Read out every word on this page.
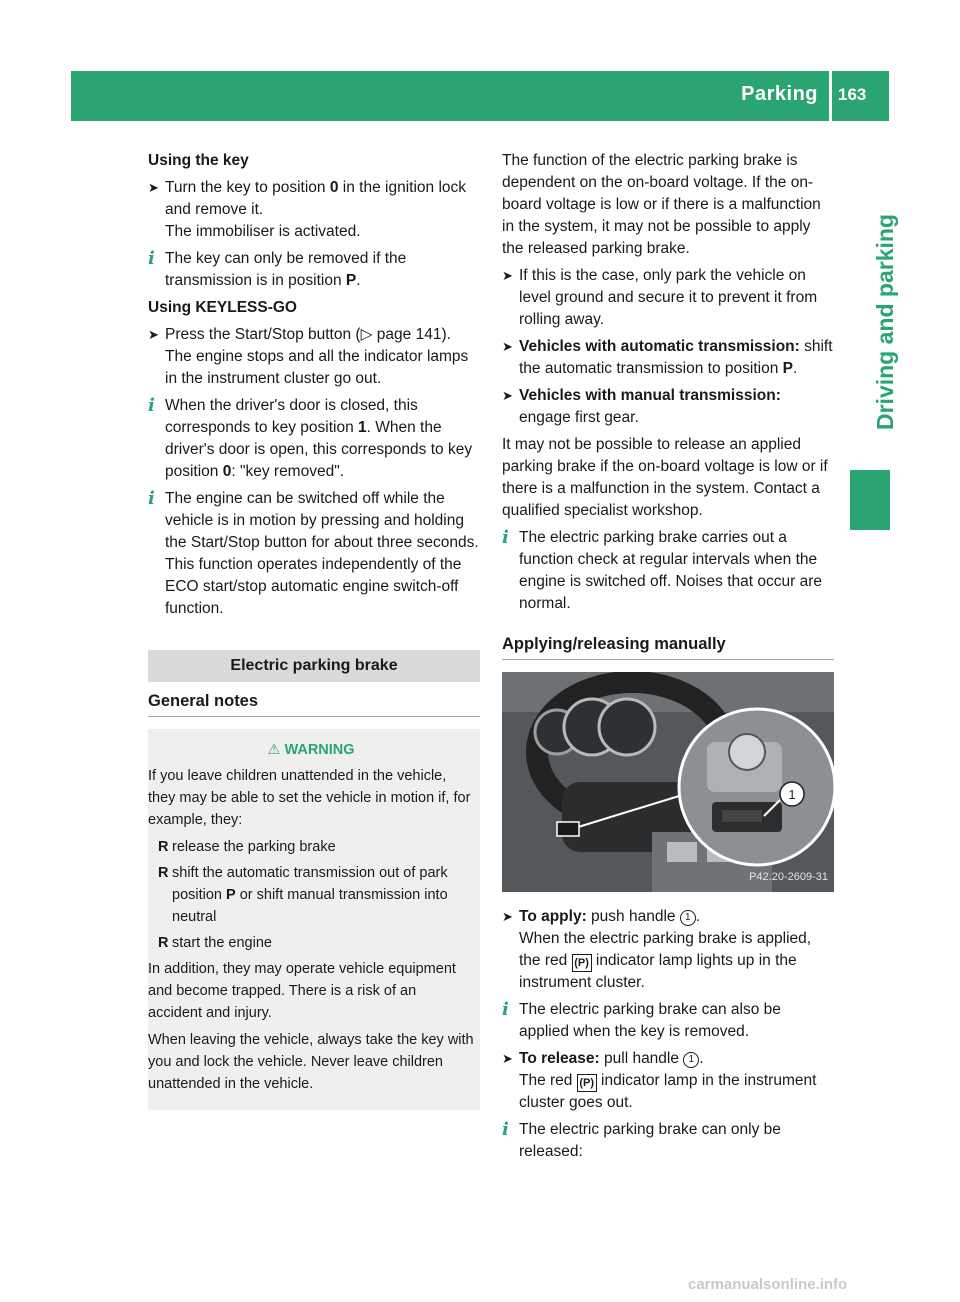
Parking 163
Driving and parking

Using the key

➤ Turn the key to position 0 in the ignition lock and remove it.
The immobiliser is activated.
i The key can only be removed if the transmission is in position P.

Using KEYLESS-GO

➤ Press the Start/Stop button (▷ page 141).
The engine stops and all the indicator lamps in the instrument cluster go out.
i When the driver's door is closed, this corresponds to key position 1. When the driver's door is open, this corresponds to key position 0: "key removed".
i The engine can be switched off while the vehicle is in motion by pressing and holding the Start/Stop button for about three seconds. This function operates independently of the ECO start/stop automatic engine switch-off function.
Electric parking brake
General notes
⚠ WARNING

If you leave children unattended in the vehicle, they may be able to set the vehicle in motion if, for example, they:

R release the parking brake
R shift the automatic transmission out of park position P or shift manual transmission into neutral
R start the engine

In addition, they may operate vehicle equipment and become trapped. There is a risk of an accident and injury.

When leaving the vehicle, always take the key with you and lock the vehicle. Never leave children unattended in the vehicle.

The function of the electric parking brake is dependent on the on-board voltage. If the on-board voltage is low or if there is a malfunction in the system, it may not be possible to apply the released parking brake.

➤ If this is the case, only park the vehicle on level ground and secure it to prevent it from rolling away.
➤ Vehicles with automatic transmission: shift the automatic transmission to position P.
➤ Vehicles with manual transmission: engage first gear.

It may not be possible to release an applied parking brake if the on-board voltage is low or if there is a malfunction in the system. Contact a qualified specialist workshop.

i The electric parking brake carries out a function check at regular intervals when the engine is switched off. Noises that occur are normal.
Applying/releasing manually
1
P42.20-2609-31
➤ To apply: push handle 1 .
When the electric parking brake is applied, the red (P) indicator lamp lights up in the instrument cluster.
i The electric parking brake can also be applied when the key is removed.
➤ To release: pull handle 1 .
The red (P) indicator lamp in the instrument cluster goes out.
i The electric parking brake can only be released:
carmanualsonline.info
